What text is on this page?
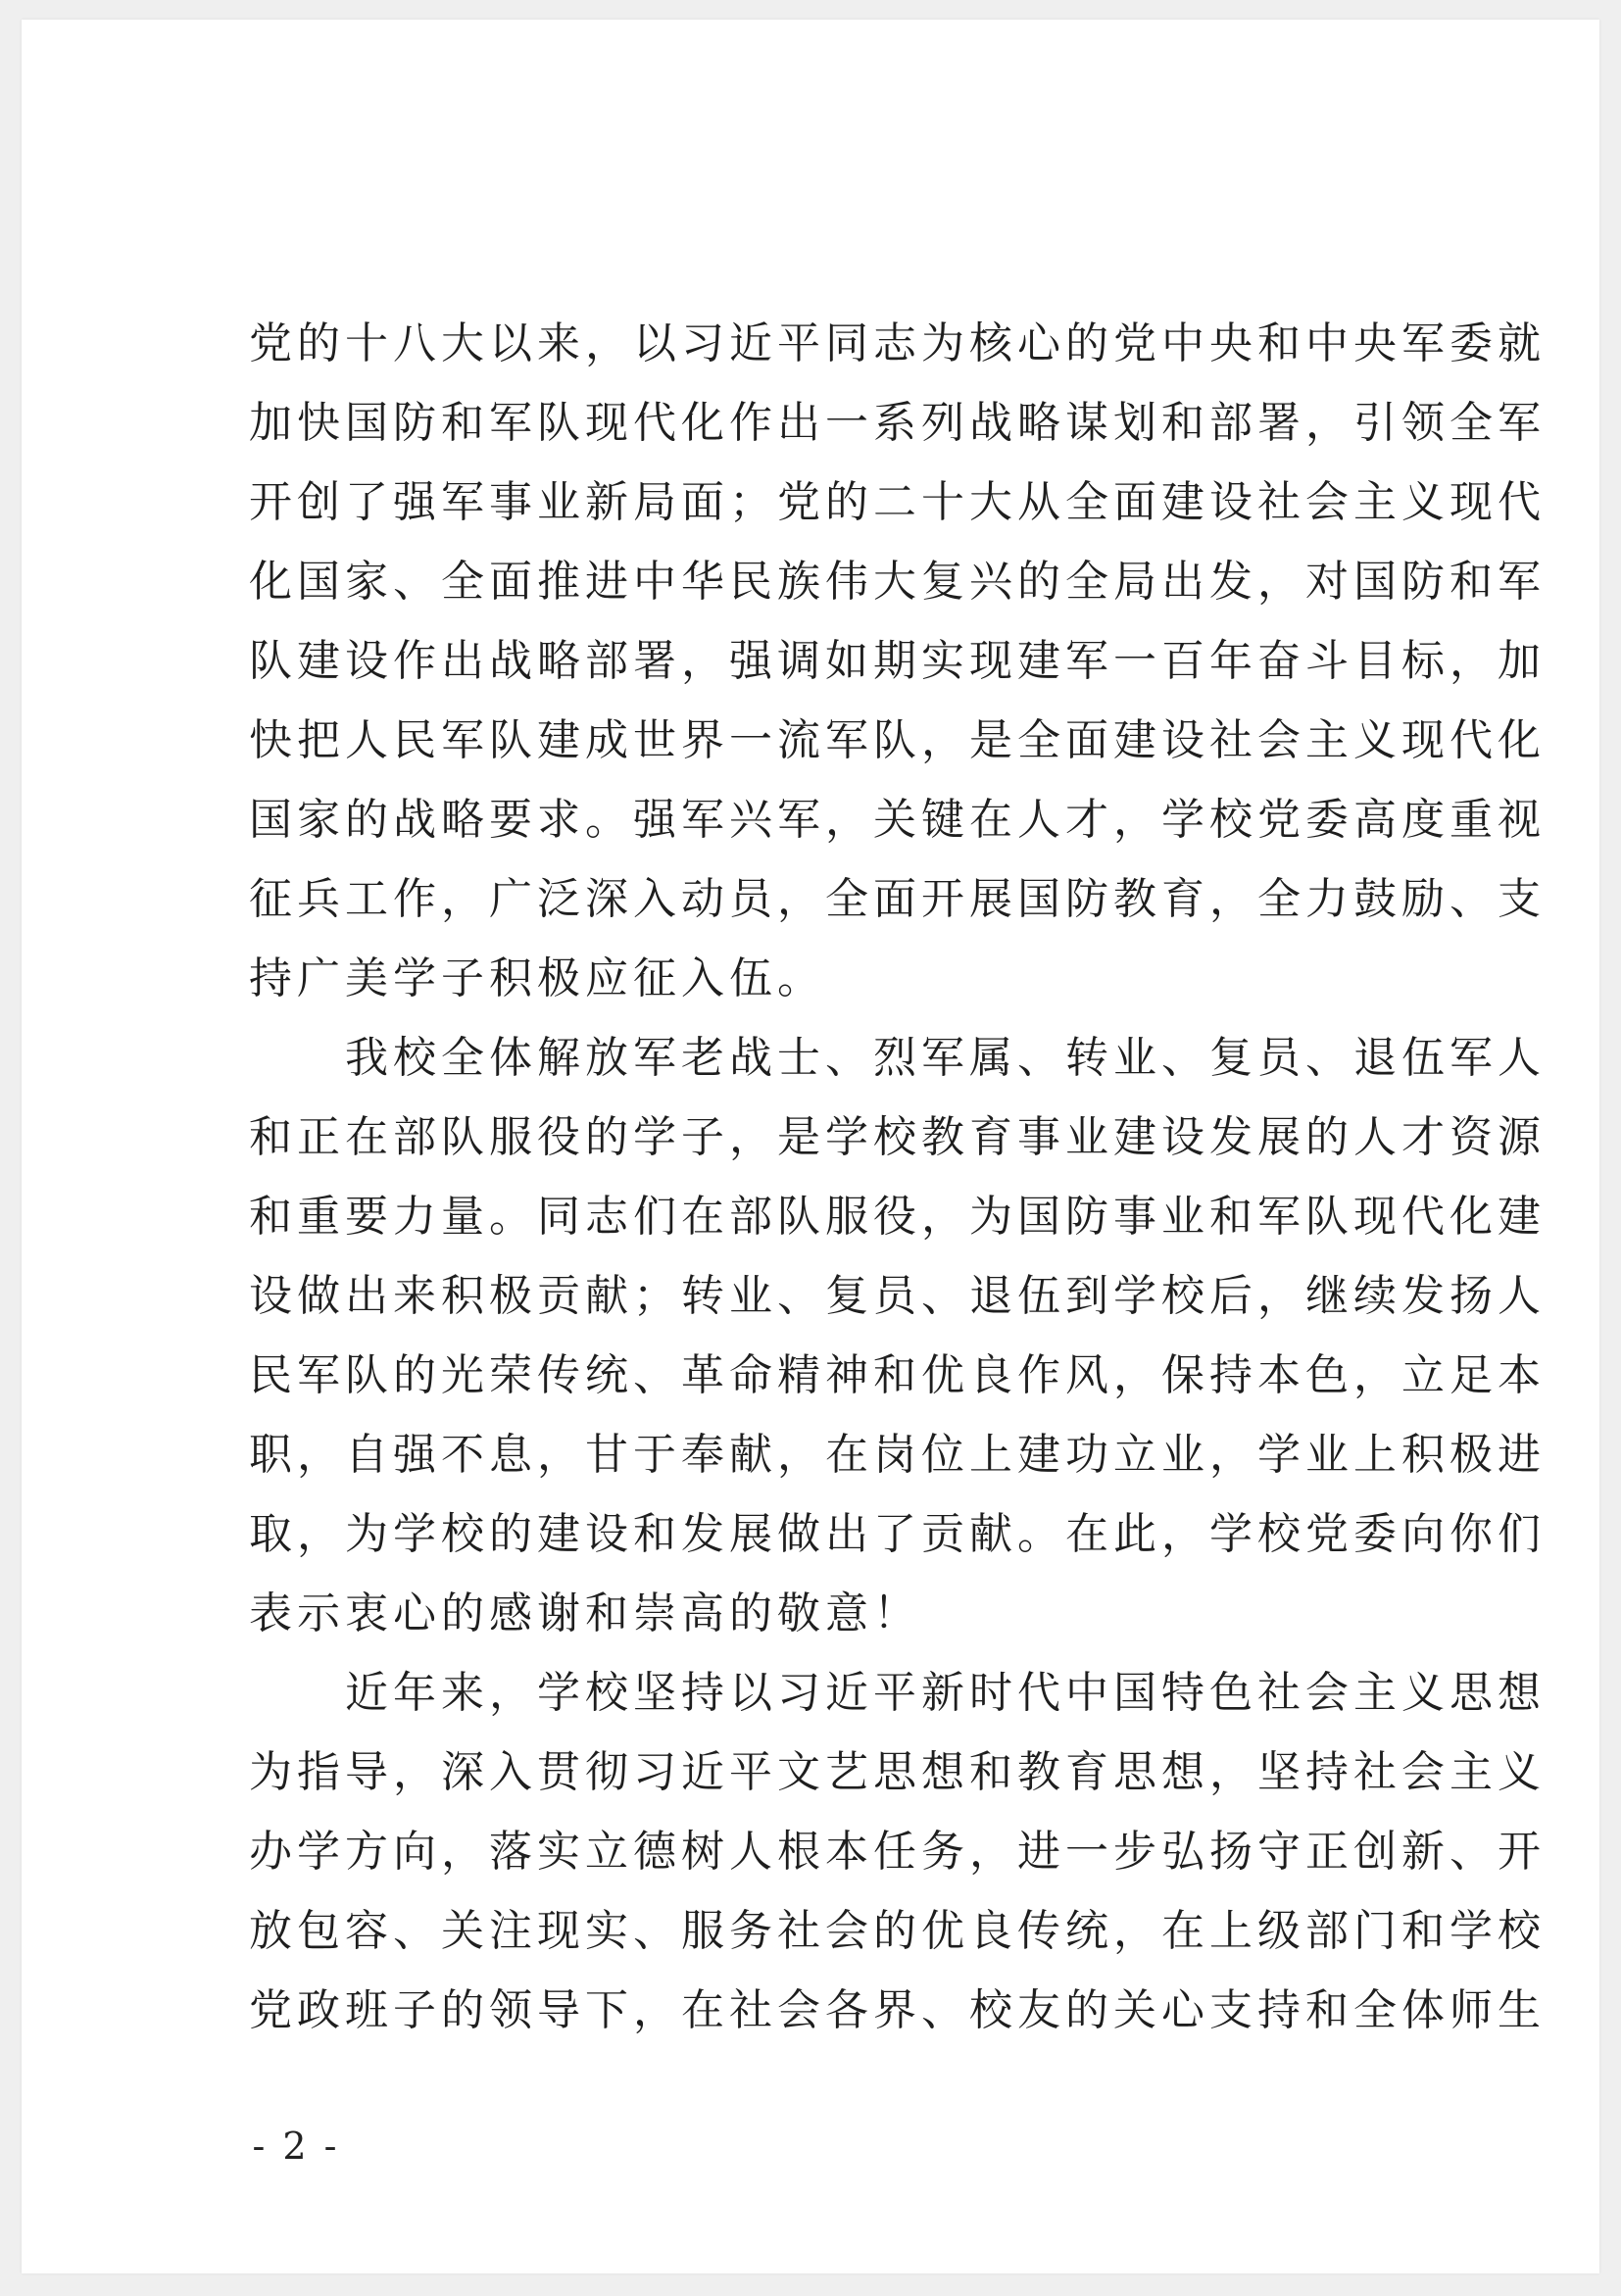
党的十八大以来，以习近平同志为核心的党中央和中央军委就
加快国防和军队现代化作出一系列战略谋划和部署，引领全军
开创了强军事业新局面；党的二十大从全面建设社会主义现代
化国家、全面推进中华民族伟大复兴的全局出发，对国防和军
队建设作出战略部署，强调如期实现建军一百年奋斗目标，加
快把人民军队建成世界一流军队，是全面建设社会主义现代化
国家的战略要求。强军兴军，关键在人才，学校党委高度重视
征兵工作，广泛深入动员，全面开展国防教育，全力鼓励、支
持广美学子积极应征入伍。
　　我校全体解放军老战士、烈军属、转业、复员、退伍军人
和正在部队服役的学子，是学校教育事业建设发展的人才资源
和重要力量。同志们在部队服役，为国防事业和军队现代化建
设做出来积极贡献；转业、复员、退伍到学校后，继续发扬人
民军队的光荣传统、革命精神和优良作风，保持本色，立足本
职，自强不息，甘于奉献，在岗位上建功立业，学业上积极进
取，为学校的建设和发展做出了贡献。在此，学校党委向你们
表示衷心的感谢和崇高的敬意！
　　近年来，学校坚持以习近平新时代中国特色社会主义思想
为指导，深入贯彻习近平文艺思想和教育思想，坚持社会主义
办学方向，落实立德树人根本任务，进一步弘扬守正创新、开
放包容、关注现实、服务社会的优良传统，在上级部门和学校
党政班子的领导下，在社会各界、校友的关心支持和全体师生
- 2 -
